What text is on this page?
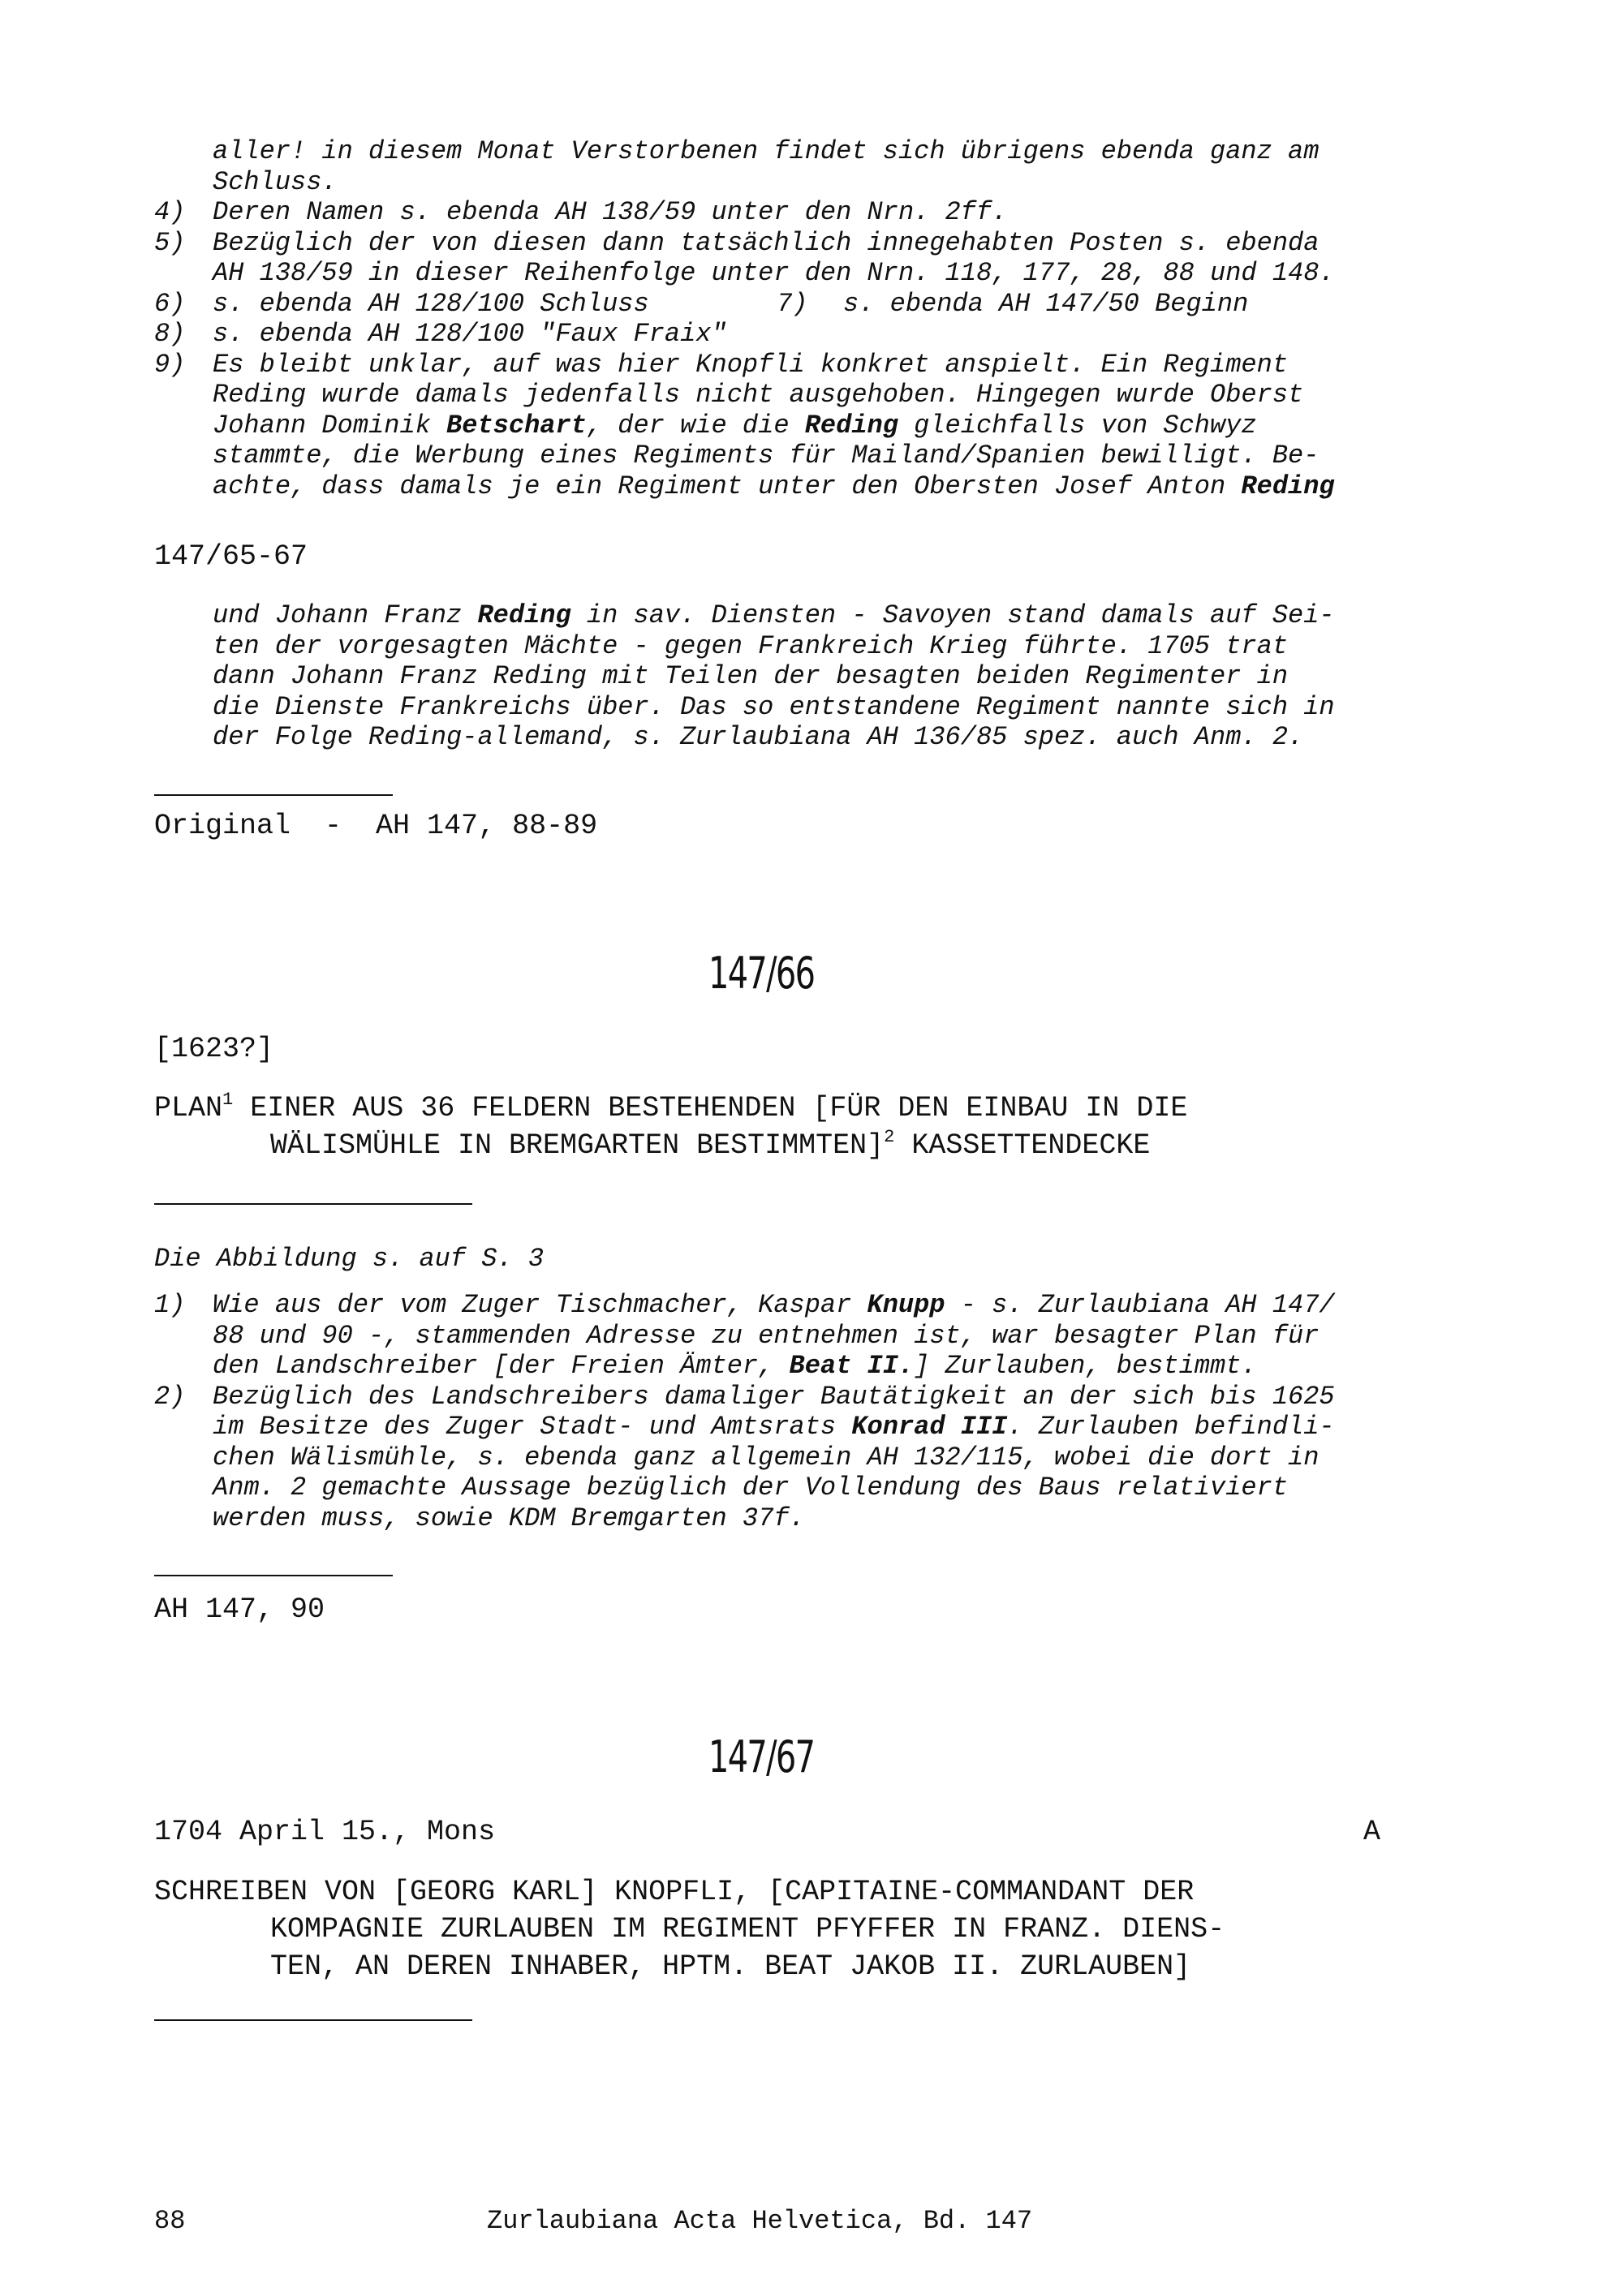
aller! in diesem Monat Verstorbenen findet sich übrigens ebenda ganz am
Schluss.
4) Deren Namen s. ebenda AH 138/59 unter den Nrn. 2ff.
5) Bezüglich der von diesen dann tatsächlich innegehabten Posten s. ebenda
AH 138/59 in dieser Reihenfolge unter den Nrn. 118, 177, 28, 88 und 148.
6) s. ebenda AH 128/100 Schluss	7) s. ebenda AH 147/50 Beginn
8) s. ebenda AH 128/100 "Faux Fraix"
9) Es bleibt unklar, auf was hier Knopfli konkret anspielt. Ein Regiment
Reding wurde damals jedenfalls nicht ausgehoben. Hingegen wurde Oberst
Johann Dominik Betschart, der wie die Reding gleichfalls von Schwyz
stammte, die Werbung eines Regiments für Mailand/Spanien bewilligt. Be-
achte, dass damals je ein Regiment unter den Obersten Josef Anton Reding
147/65-67
und Johann Franz Reding in sav. Diensten - Savoyen stand damals auf Sei-
ten der vorgesagten Mächte - gegen Frankreich Krieg führte. 1705 trat
dann Johann Franz Reding mit Teilen der besagten beiden Regimenter in
die Dienste Frankreichs über. Das so entstandene Regiment nannte sich in
der Folge Reding-allemand, s. Zurlaubiana AH 136/85 spez. auch Anm. 2.
Original  -  AH 147, 88-89
147/66
[1623?]
PLAN$^1$ EINER AUS 36 FELDERN BESTEHENDEN [FÜR DEN EINBAU IN DIE
WÄLISMÜHLE IN BREMGARTEN BESTIMMTEN]$^2$ KASSETTENDECKE
Die Abbildung s. auf S. 3
1) Wie aus der vom Zuger Tischmacher, Kaspar Knupp - s. Zurlaubiana AH 147/
88 und 90 -, stammenden Adresse zu entnehmen ist, war besagter Plan für
den Landschreiber [der Freien Ämter, Beat II.] Zurlauben, bestimmt.
2) Bezüglich des Landschreibers damaliger Bautätigkeit an der sich bis 1625
im Besitze des Zuger Stadt- und Amtsrats Konrad III. Zurlauben befindli-
chen Wälismühle, s. ebenda ganz allgemein AH 132/115, wobei die dort in
Anm. 2 gemachte Aussage bezüglich der Vollendung des Baus relativiert
werden muss, sowie KDM Bremgarten 37f.
AH 147, 90
147/67
1704 April 15., Mons	A
SCHREIBEN VON [GEORG KARL] KNOPFLI, [CAPITAINE-COMMANDANT DER
KOMPAGNIE ZURLAUBEN IM REGIMENT PFYFFER IN FRANZ. DIENS-
TEN, AN DEREN INHABER, HPTM. BEAT JAKOB II. ZURLAUBEN]
88	Zurlaubiana Acta Helvetica, Bd. 147
